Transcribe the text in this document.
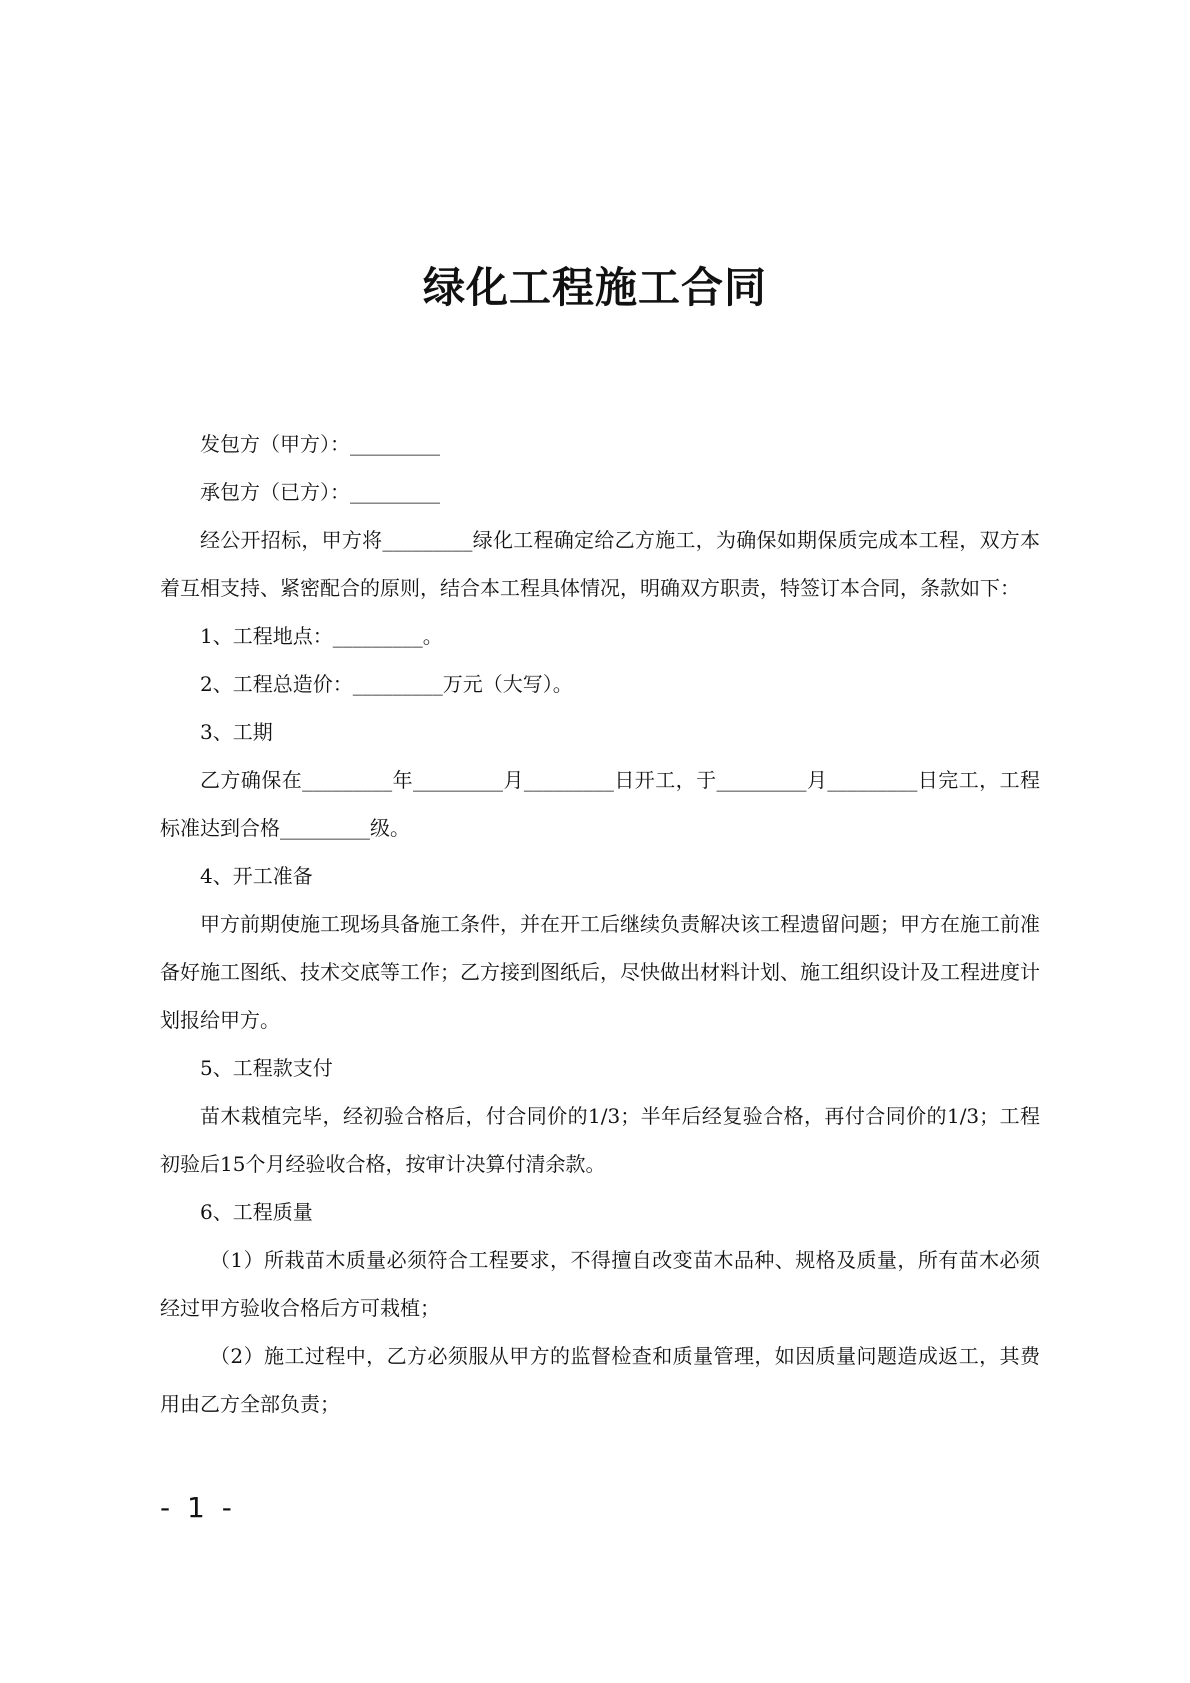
绿化工程施工合同

发包方（甲方）：_________

承包方（已方）：_________

经公开招标，甲方将_________绿化工程确定给乙方施工，为确保如期保质完成本工程，双方本着互相支持、紧密配合的原则，结合本工程具体情况，明确双方职责，特签订本合同，条款如下：

1、工程地点：_________。

2、工程总造价：_________万元（大写）。

3、工期

乙方确保在_________年_________月_________日开工，于_________月_________日完工，工程标准达到合格_________级。

4、开工准备

甲方前期使施工现场具备施工条件，并在开工后继续负责解决该工程遗留问题；甲方在施工前准备好施工图纸、技术交底等工作；乙方接到图纸后，尽快做出材料计划、施工组织设计及工程进度计划报给甲方。

5、工程款支付

苗木栽植完毕，经初验合格后，付合同价的1/3；半年后经复验合格，再付合同价的1/3；工程初验后15个月经验收合格，按审计决算付清余款。

6、工程质量

（1）所栽苗木质量必须符合工程要求，不得擅自改变苗木品种、规格及质量，所有苗木必须经过甲方验收合格后方可栽植；

（2）施工过程中，乙方必须服从甲方的监督检查和质量管理，如因质量问题造成返工，其费用由乙方全部负责；

- 1 -
